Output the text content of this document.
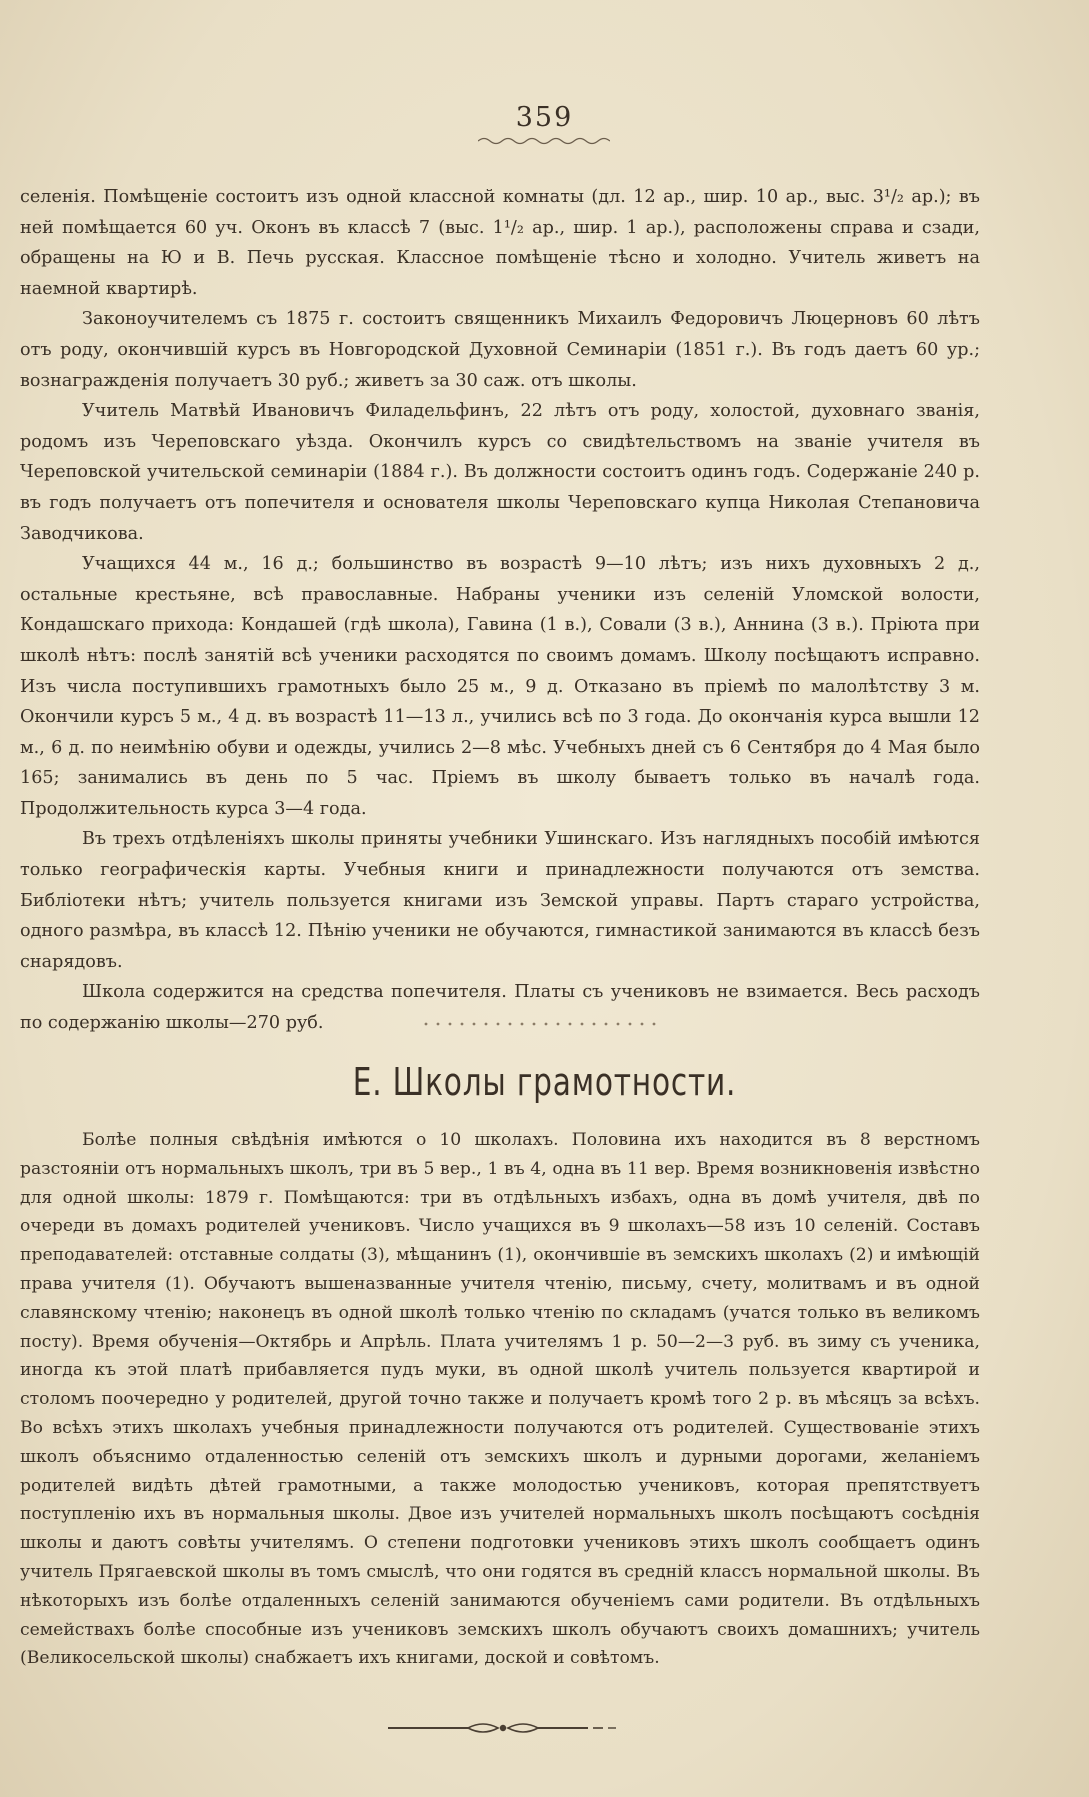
359

селенія. Помѣщеніе состоитъ изъ одной классной комнаты (дл. 12 ар., шир. 10 ар., выс. 3¹/₂ ар.); въ ней помѣщается 60 уч. Оконъ въ классѣ 7 (выс. 1¹/₂ ар., шир. 1 ар.), расположены справа и сзади, обращены на Ю и В. Печь русская. Классное помѣщеніе тѣсно и холодно. Учитель живетъ на наемной квартирѣ.

Законоучителемъ съ 1875 г. состоитъ священникъ Михаилъ Федоровичъ Люцерновъ 60 лѣтъ отъ роду, окончившій курсъ въ Новгородской Духовной Семинаріи (1851 г.). Въ годъ даетъ 60 ур.; вознагражденія получаетъ 30 руб.; живетъ за 30 саж. отъ школы.

Учитель Матвѣй Ивановичъ Филадельфинъ, 22 лѣтъ отъ роду, холостой, духовнаго званія, родомъ изъ Череповскаго уѣзда. Окончилъ курсъ со свидѣтельствомъ на званіе учителя въ Череповской учительской семинаріи (1884 г.). Въ должности состоитъ одинъ годъ. Содержаніе 240 р. въ годъ получаетъ отъ попечителя и основателя школы Череповскаго купца Николая Степановича Заводчикова.

Учащихся 44 м., 16 д.; большинство въ возрастѣ 9—10 лѣтъ; изъ нихъ духовныхъ 2 д., остальные крестьяне, всѣ православные. Набраны ученики изъ селеній Уломской волости, Кондашскаго прихода: Кондашей (гдѣ школа), Гавина (1 в.), Совали (3 в.), Аннина (3 в.). Пріюта при школѣ нѣтъ: послѣ занятій всѣ ученики расходятся по своимъ домамъ. Школу посѣщаютъ исправно. Изъ числа поступившихъ грамотныхъ было 25 м., 9 д. Отказано въ пріемѣ по малолѣтству 3 м. Окончили курсъ 5 м., 4 д. въ возрастѣ 11—13 л., учились всѣ по 3 года. До окончанія курса вышли 12 м., 6 д. по неимѣнію обуви и одежды, учились 2—8 мѣс. Учебныхъ дней съ 6 Сентября до 4 Мая было 165; занимались въ день по 5 час. Пріемъ въ школу бываетъ только въ началѣ года. Продолжительность курса 3—4 года.

Въ трехъ отдѣленіяхъ школы приняты учебники Ушинскаго. Изъ наглядныхъ пособій имѣются только географическія карты. Учебныя книги и принадлежности получаются отъ земства. Библіотеки нѣтъ; учитель пользуется книгами изъ Земской управы. Партъ стараго устройства, одного размѣра, въ классѣ 12. Пѣнію ученики не обучаются, гимнастикой занимаются въ классѣ безъ снарядовъ.

Школа содержится на средства попечителя. Платы съ учениковъ не взимается. Весь расходъ по содержанію школы—270 руб.

Е. Школы грамотности.

Болѣе полныя свѣдѣнія имѣются о 10 школахъ. Половина ихъ находится въ 8 верстномъ разстояніи отъ нормальныхъ школъ, три въ 5 вер., 1 въ 4, одна въ 11 вер. Время возникновенія извѣстно для одной школы: 1879 г. Помѣщаются: три въ отдѣльныхъ избахъ, одна въ домѣ учителя, двѣ по очереди въ домахъ родителей учениковъ. Число учащихся въ 9 школахъ—58 изъ 10 селеній. Составъ преподавателей: отставные солдаты (3), мѣщанинъ (1), окончившіе въ земскихъ школахъ (2) и имѣющій права учителя (1). Обучаютъ вышеназванные учителя чтенію, письму, счету, молитвамъ и въ одной славянскому чтенію; наконецъ въ одной школѣ только чтенію по складамъ (учатся только въ великомъ посту). Время обученія—Октябрь и Апрѣль. Плата учителямъ 1 р. 50—2—3 руб. въ зиму съ ученика, иногда къ этой платѣ прибавляется пудъ муки, въ одной школѣ учитель пользуется квартирой и столомъ поочередно у родителей, другой точно также и получаетъ кромѣ того 2 р. въ мѣсяцъ за всѣхъ. Во всѣхъ этихъ школахъ учебныя принадлежности получаются отъ родителей. Существованіе этихъ школъ объяснимо отдаленностью селеній отъ земскихъ школъ и дурными дорогами, желаніемъ родителей видѣть дѣтей грамотными, а также молодостью учениковъ, которая препятствуетъ поступленію ихъ въ нормальныя школы. Двое изъ учителей нормальныхъ школъ посѣщаютъ сосѣднія школы и даютъ совѣты учителямъ. О степени подготовки учениковъ этихъ школъ сообщаетъ одинъ учитель Прягаевской школы въ томъ смыслѣ, что они годятся въ средній классъ нормальной школы. Въ нѣкоторыхъ изъ болѣе отдаленныхъ селеній занимаются обученіемъ сами родители. Въ отдѣльныхъ семействахъ болѣе способные изъ учениковъ земскихъ школъ обучаютъ своихъ домашнихъ; учитель (Великосельской школы) снабжаетъ ихъ книгами, доской и совѣтомъ.
